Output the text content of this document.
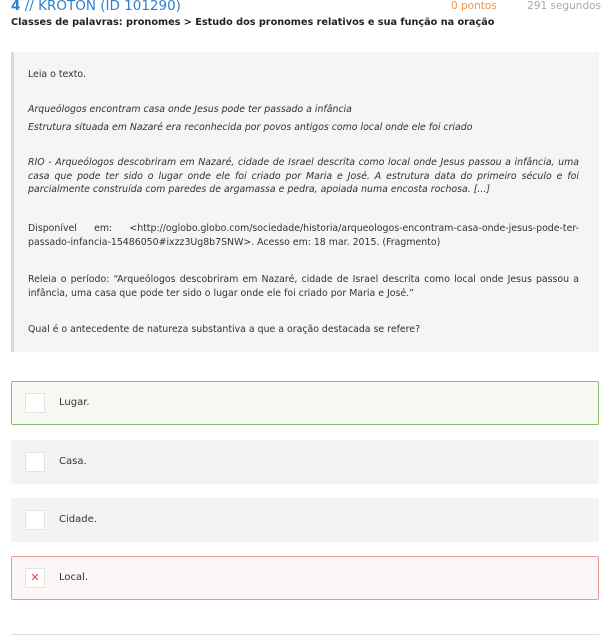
4 // KROTON (ID 101290)	0 pontos	291 segundos
Classes de palavras: pronomes > Estudo dos pronomes relativos e sua função na oração

Leia o texto.

Arqueólogos encontram casa onde Jesus pode ter passado a infância

Estrutura situada em Nazaré era reconhecida por povos antigos como local onde ele foi criado

RIO - Arqueólogos descobriram em Nazaré, cidade de Israel descrita como local onde Jesus passou a infância, uma casa que pode ter sido o lugar onde ele foi criado por Maria e José. A estrutura data do primeiro século e foi parcialmente construída com paredes de argamassa e pedra, apoiada numa encosta rochosa. [...]

Disponível em: <http://oglobo.globo.com/sociedade/historia/arqueologos-encontram-casa-onde-jesus-pode-ter-passado-infancia-15486050#ixzz3Ug8b7SNW>. Acesso em: 18 mar. 2015. (Fragmento)

Releia o período: “Arqueólogos descobriram em Nazaré, cidade de Israel descrita como local onde Jesus passou a infância, uma casa que pode ter sido o lugar onde ele foi criado por Maria e José.”

Qual é o antecedente de natureza substantiva a que a oração destacada se refere?

Lugar.
Casa.
Cidade.
✕	Local.
